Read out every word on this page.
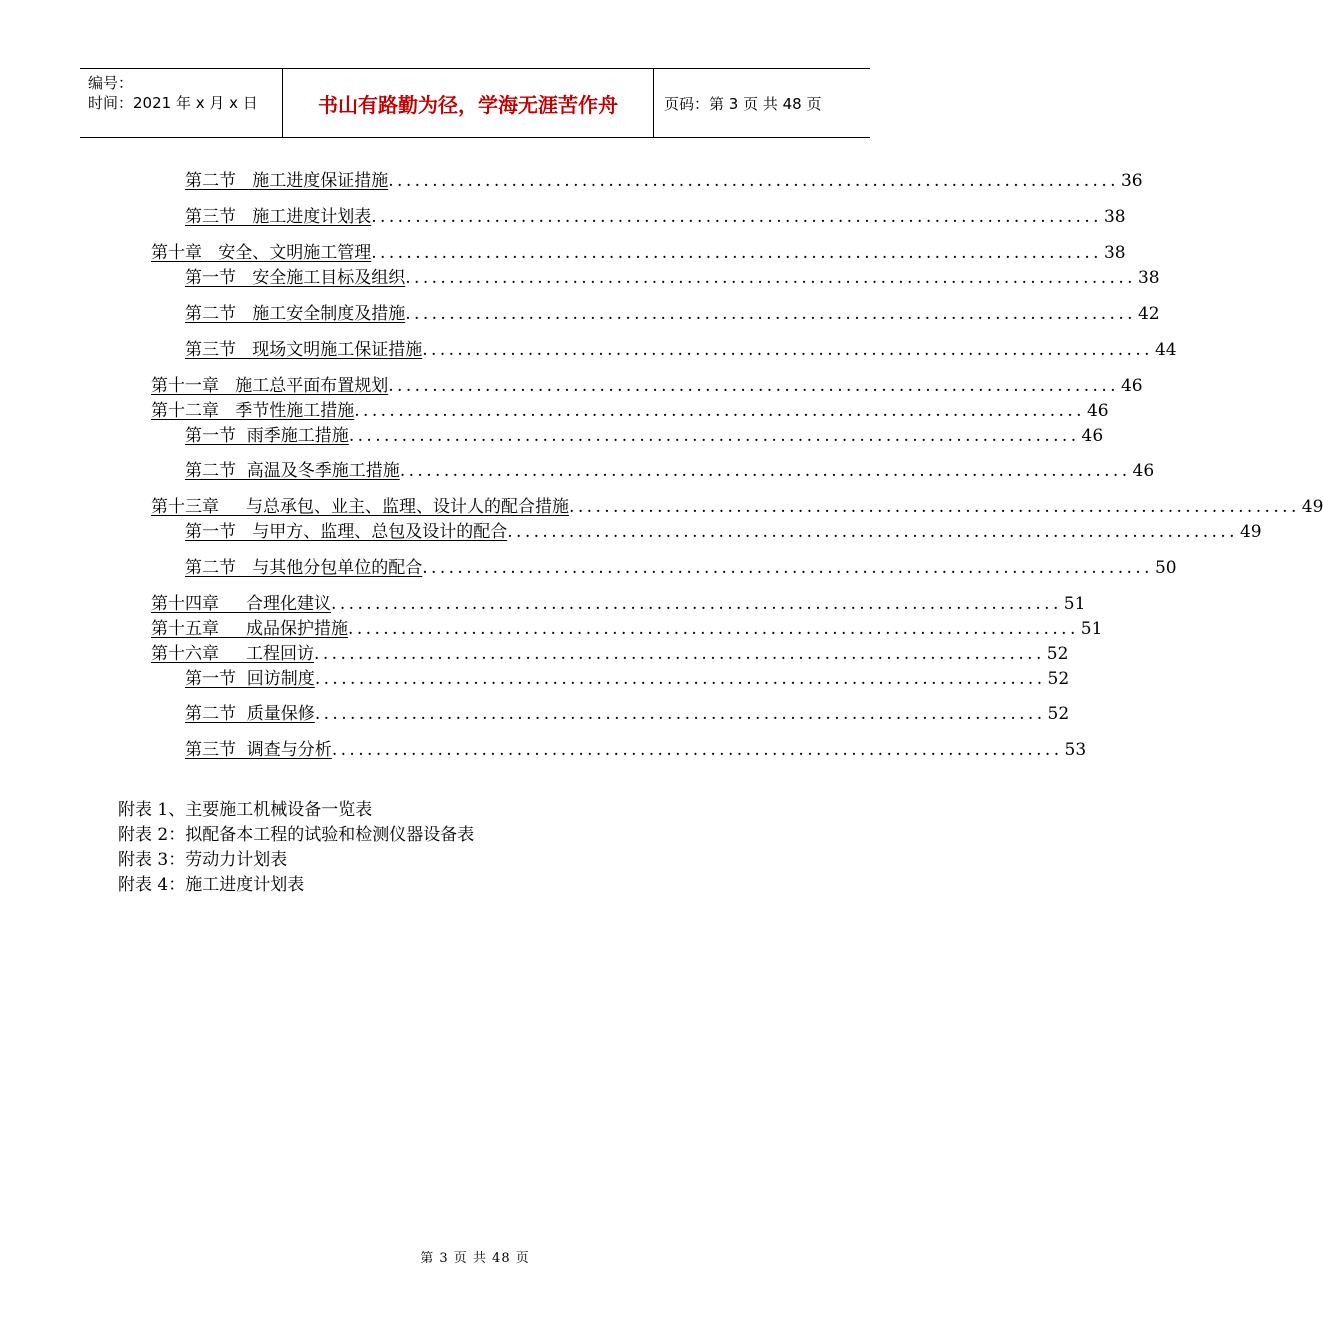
编号：
时间：2021 年 x 月 x 日	书山有路勤为径，学海无涯苦作舟	页码：第 3 页 共 48 页
第二节   施工进度保证措施 ................................................................................... 36
第三节   施工进度计划表 ................................................................................... 38
第十章   安全、文明施工管理 ................................................................................... 38
第一节   安全施工目标及组织 ................................................................................... 38
第二节   施工安全制度及措施 ................................................................................... 42
第三节   现场文明施工保证措施 ................................................................................... 44
第十一章   施工总平面布置规划 ................................................................................... 46
第十二章   季节性施工措施 ................................................................................... 46
第一节  雨季施工措施 ................................................................................... 46
第二节  高温及冬季施工措施 ................................................................................... 46
第十三章     与总承包、业主、监理、设计人的配合措施 ................................................................................... 49
第一节   与甲方、监理、总包及设计的配合 ................................................................................... 49
第二节   与其他分包单位的配合 ................................................................................... 50
第十四章     合理化建议 ................................................................................... 51
第十五章     成品保护措施 ................................................................................... 51
第十六章     工程回访 ................................................................................... 52
第一节  回访制度 ................................................................................... 52
第二节  质量保修 ................................................................................... 52
第三节  调查与分析 ................................................................................... 53
附表 1、主要施工机械设备一览表
附表 2：拟配备本工程的试验和检测仪器设备表
附表 3：劳动力计划表
附表 4：施工进度计划表
第 3 页 共 48 页
